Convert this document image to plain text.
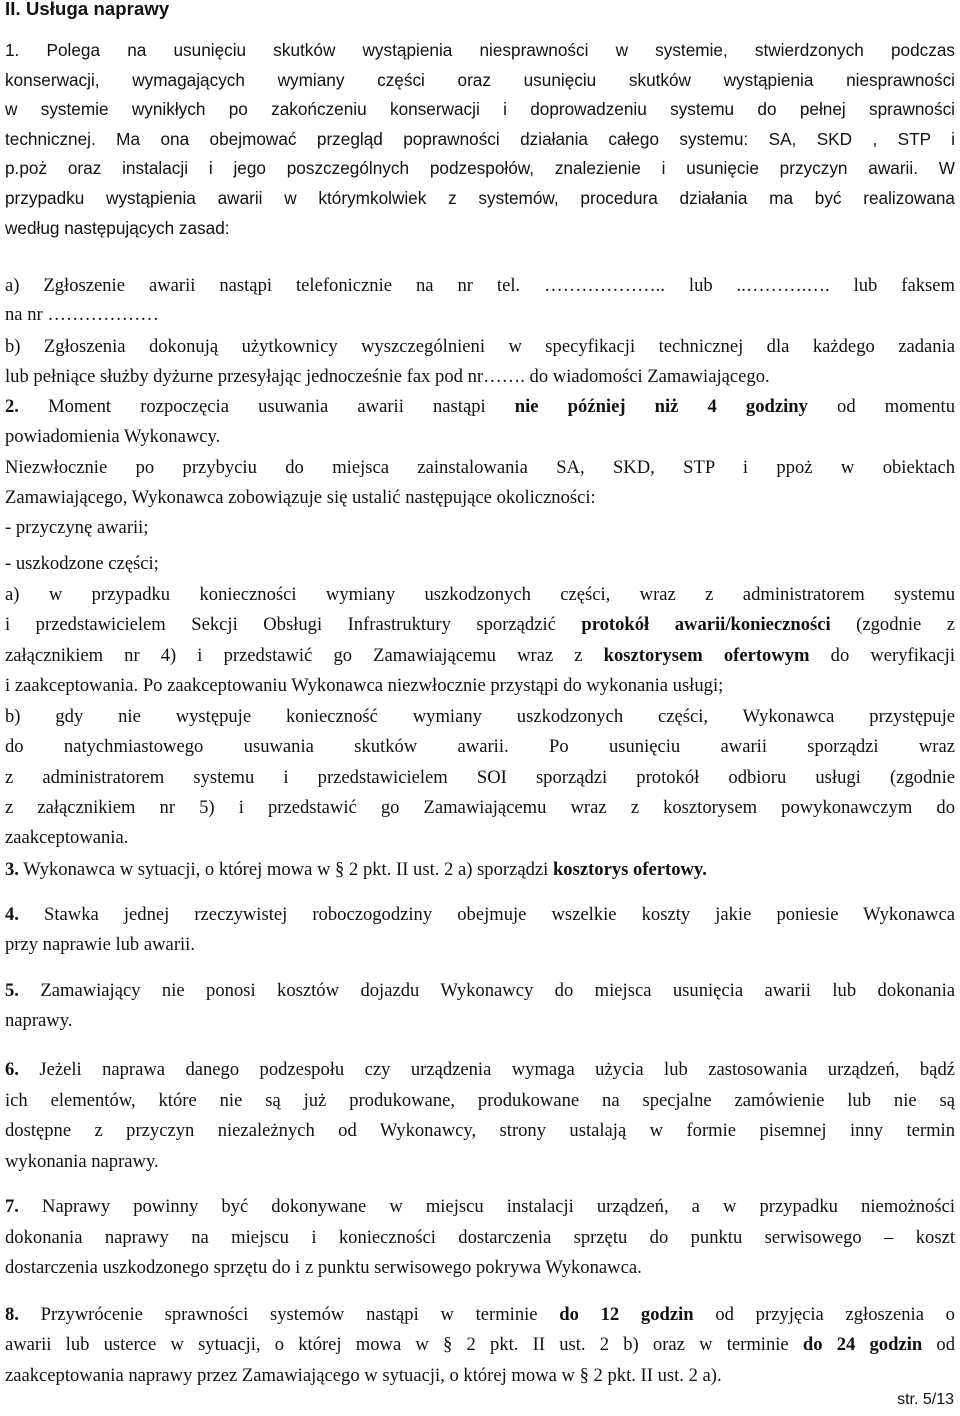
II. Usługa naprawy
1. Polega na usunięciu skutków wystąpienia niesprawności w systemie, stwierdzonych podczas
konserwacji, wymagających wymiany części oraz usunięciu skutków wystąpienia niesprawności
w systemie wynikłych po zakończeniu konserwacji i doprowadzeniu systemu do pełnej sprawności
technicznej. Ma ona obejmować przegląd poprawności działania całego systemu: SA, SKD , STP i
p.poż oraz instalacji i jego poszczególnych podzespołów, znalezienie i usunięcie przyczyn awarii. W
przypadku wystąpienia awarii w którymkolwiek z systemów, procedura działania ma być realizowana
według następujących zasad:
a) Zgłoszenie awarii nastąpi telefonicznie na nr tel. ……………….. lub ..……….…. lub faksem
na nr ………………
b) Zgłoszenia dokonują użytkownicy wyszczególnieni w specyfikacji technicznej dla każdego zadania
lub pełniące służby dyżurne przesyłając jednocześnie fax pod nr……. do wiadomości Zamawiającego.
2. Moment rozpoczęcia usuwania awarii nastąpi nie później niż 4 godziny od momentu
powiadomienia Wykonawcy.
Niezwłocznie po przybyciu do miejsca zainstalowania SA, SKD, STP i ppoż w obiektach
Zamawiającego, Wykonawca zobowiązuje się ustalić następujące okoliczności:
- przyczynę awarii;
- uszkodzone części;
a) w przypadku konieczności wymiany uszkodzonych części, wraz z administratorem systemu
i przedstawicielem Sekcji Obsługi Infrastruktury sporządzić protokół awarii/konieczności (zgodnie z
załącznikiem nr 4) i przedstawić go Zamawiającemu wraz z kosztorysem ofertowym do weryfikacji
i zaakceptowania. Po zaakceptowaniu Wykonawca niezwłocznie przystąpi do wykonania usługi;
b) gdy nie występuje konieczność wymiany uszkodzonych części, Wykonawca przystępuje
do natychmiastowego usuwania skutków awarii. Po usunięciu awarii sporządzi wraz
z administratorem systemu i przedstawicielem SOI sporządzi protokół odbioru usługi (zgodnie
z załącznikiem nr 5) i przedstawić go Zamawiającemu wraz z kosztorysem powykonawczym do
zaakceptowania.
3. Wykonawca w sytuacji, o której mowa w § 2 pkt. II ust. 2 a) sporządzi kosztorys ofertowy.
4. Stawka jednej rzeczywistej roboczogodziny obejmuje wszelkie koszty jakie poniesie Wykonawca
przy naprawie lub awarii.
5. Zamawiający nie ponosi kosztów dojazdu Wykonawcy do miejsca usunięcia awarii lub dokonania
naprawy.
6. Jeżeli naprawa danego podzespołu czy urządzenia wymaga użycia lub zastosowania urządzeń, bądź
ich elementów, które nie są już produkowane, produkowane na specjalne zamówienie lub nie są
dostępne z przyczyn niezależnych od Wykonawcy, strony ustalają w formie pisemnej inny termin
wykonania naprawy.
7. Naprawy powinny być dokonywane w miejscu instalacji urządzeń, a w przypadku niemożności
dokonania naprawy na miejscu i konieczności dostarczenia sprzętu do punktu serwisowego – koszt
dostarczenia uszkodzonego sprzętu do i z punktu serwisowego pokrywa Wykonawca.
8. Przywrócenie sprawności systemów nastąpi w terminie do 12 godzin od przyjęcia zgłoszenia o
awarii lub usterce w sytuacji, o której mowa w § 2 pkt. II ust. 2 b) oraz w terminie do 24 godzin od
zaakceptowania naprawy przez Zamawiającego w sytuacji, o której mowa w § 2 pkt. II ust. 2 a).
str. 5/13
